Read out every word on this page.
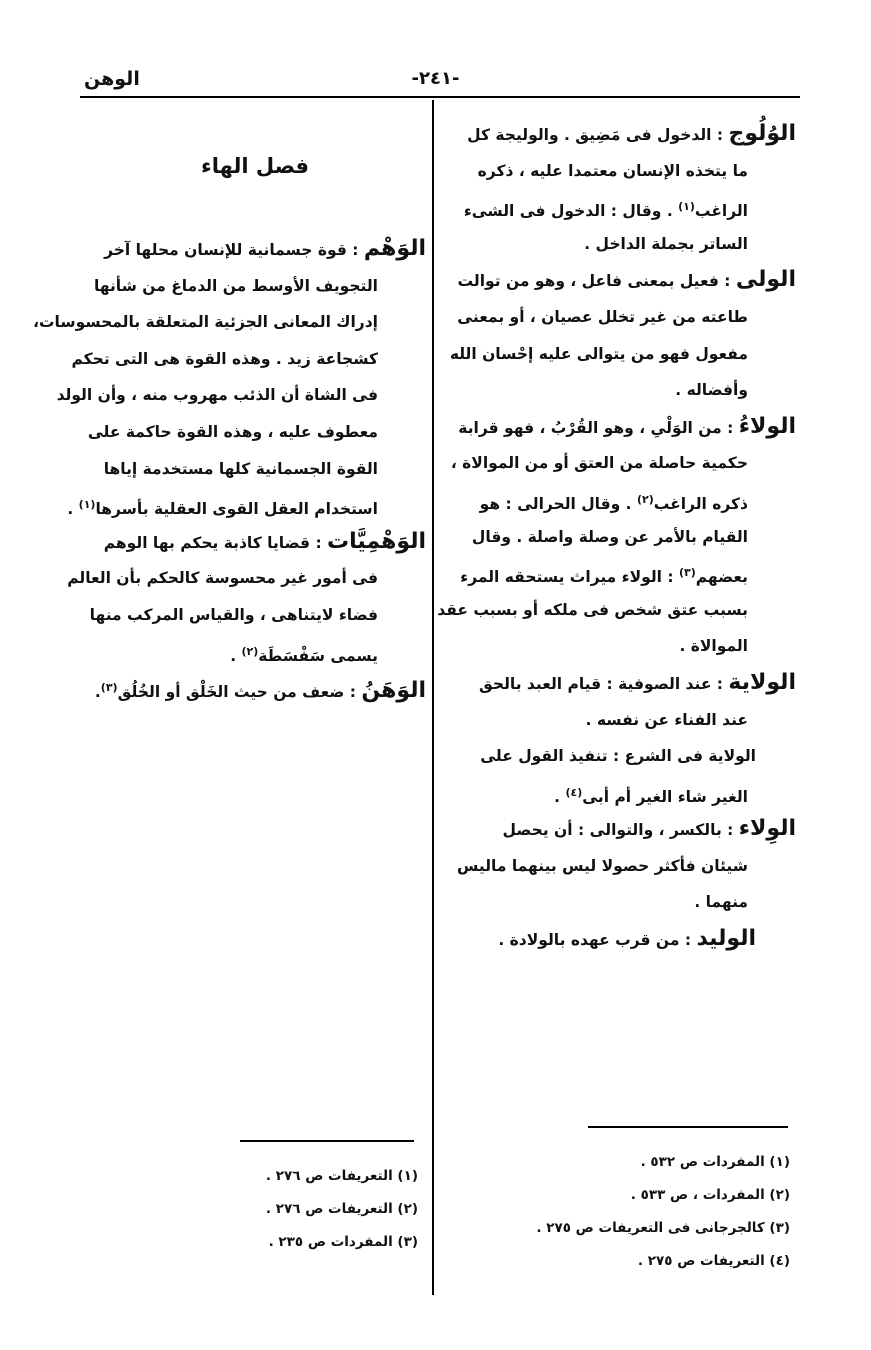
-٢٤١-
الوهن
الوُلُوج : الدخول فى مَضِيق . والوليجة كل
ما يتخذه الإنسان معتمدا عليه ، ذكره
الراغب$^{(١)}$ . وقال : الدخول فى الشىء
الساتر بجملة الداخل .
الولى : فعيل بمعنى فاعل ، وهو من توالت
طاعته من غير تخلل عصيان ، أو بمعنى
مفعول فهو من يتوالى عليه إحْسان الله
وأفضاله .
الولاءُ : من الوَلْىِ ، وهو القُرْبُ ، فهو قرابة
حكمية حاصلة من العتق أو من الموالاة ،
ذكره الراغب$^{(٢)}$ . وقال الحرالى : هو
القيام بالأمر عن وصلة واصلة . وقال
بعضهم$^{(٣)}$ : الولاء ميراث يستحقه المرء
بسبب عتق شخص فى ملكه أو بسبب عقد
الموالاة .
الولاية : عند الصوفية : قيام العبد بالحق
عند الفناء عن نفسه .
الولاية فى الشرع : تنفيذ القول على
الغير شاء الغير أم أبى$^{(٤)}$ .
الوِلاء : بالكسر ، والتوالى : أن يحصل
شيئان فأكثر حصولا ليس بينهما ماليس
منهما .
الوليد : من قرب عهده بالولادة .
فصل الهاء
الوَهْم : قوة جسمانية للإنسان محلها آخر
التجويف الأوسط من الدماغ من شأنها
إدراك المعانى الجزئية المتعلقة بالمحسوسات،
كشجاعة زيد . وهذه القوة هى التى تحكم
فى الشاة أن الذئب مهروب منه ، وأن الولد
معطوف عليه ، وهذه القوة حاكمة على
القوة الجسمانية كلها مستخدمة إياها
استخدام العقل القوى العقلية بأسرها$^{(١)}$ .
الوَهْمِيَّات : قضايا كاذبة يحكم بها الوهم
فى أمور غير محسوسة كالحكم بأن العالم
فضاء لايتناهى ، والقياس المركب منها
يسمى سَفْسَطَة$^{(٢)}$ .
الوَهَنُ : ضعف من حيث الخَلْق أو الخُلُق$^{(٣)}$.
(١) المفردات ص ٥٣٢ .
(٢) المفردات ، ص ٥٣٣ .
(٣) كالجرجانى فى التعريفات ص ٢٧٥ .
(٤) التعريفات ص ٢٧٥ .
(١) التعريفات ص ٢٧٦ .
(٢) التعريفات ص ٢٧٦ .
(٣) المفردات ص ٢٣٥ .
